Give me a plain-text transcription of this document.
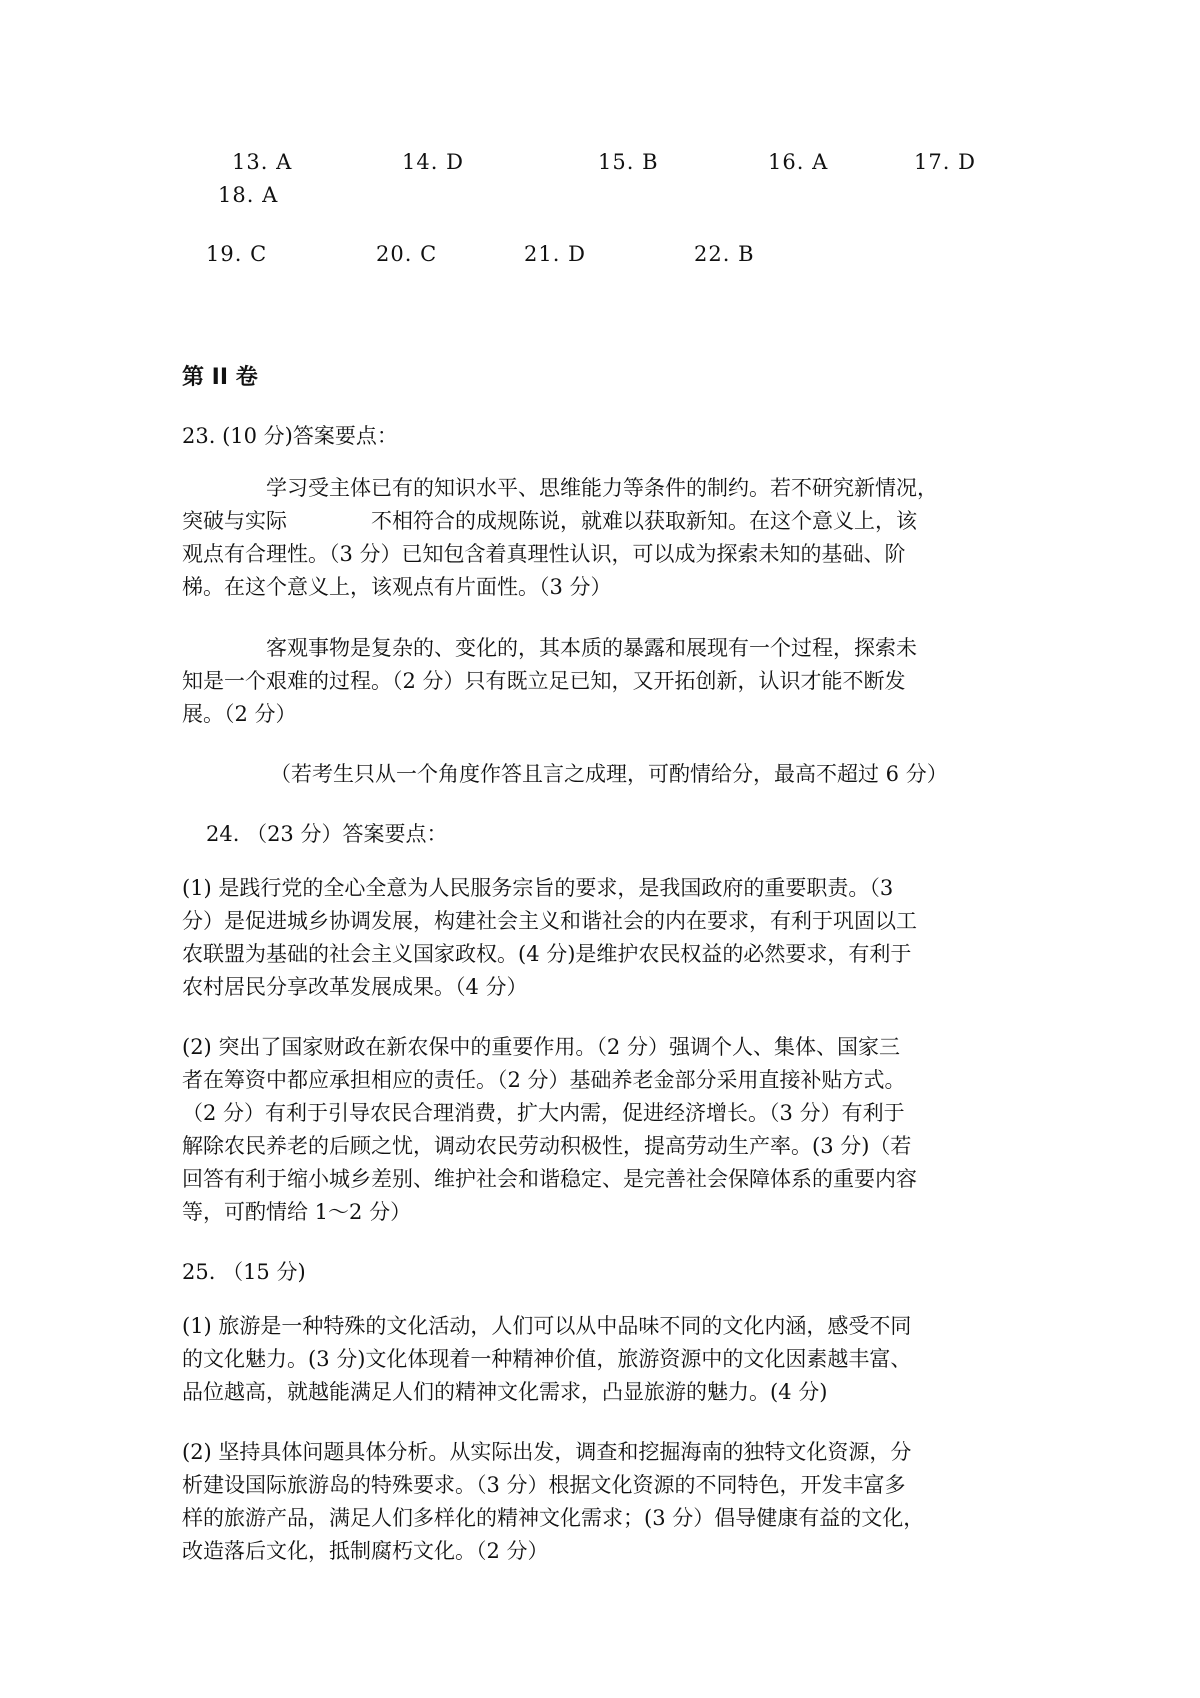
13. A	14. D	15. B	16. A	17. D
18. A
19. C	20. C	21. D	22. B
第 II 卷
23. (10 分)答案要点：
学习受主体已有的知识水平、思维能力等条件的制约。若不研究新情况，
突破与实际　　　　不相符合的成规陈说，就难以获取新知。在这个意义上，该
观点有合理性。（3 分）已知包含着真理性认识，可以成为探索未知的基础、阶
梯。在这个意义上，该观点有片面性。（3 分）
客观事物是复杂的、变化的，其本质的暴露和展现有一个过程，探索未
知是一个艰难的过程。（2 分）只有既立足已知，又开拓创新，认识才能不断发
展。（2 分）
（若考生只从一个角度作答且言之成理，可酌情给分，最高不超过 6 分）
24. （23 分）答案要点：
(1) 是践行党的全心全意为人民服务宗旨的要求，是我国政府的重要职责。（3
分）是促进城乡协调发展，构建社会主义和谐社会的内在要求，有利于巩固以工
农联盟为基础的社会主义国家政权。(4 分)是维护农民权益的必然要求，有利于
农村居民分享改革发展成果。（4 分）
(2) 突出了国家财政在新农保中的重要作用。（2 分）强调个人、集体、国家三
者在筹资中都应承担相应的责任。（2 分）基础养老金部分采用直接补贴方式。
（2 分）有利于引导农民合理消费，扩大内需，促进经济增长。（3 分）有利于
解除农民养老的后顾之忧，调动农民劳动积极性，提高劳动生产率。(3 分)（若
回答有利于缩小城乡差别、维护社会和谐稳定、是完善社会保障体系的重要内容
等，可酌情给 1～2 分）
25. （15 分)
(1) 旅游是一种特殊的文化活动，人们可以从中品味不同的文化内涵，感受不同
的文化魅力。(3 分)文化体现着一种精神价值，旅游资源中的文化因素越丰富、
品位越高，就越能满足人们的精神文化需求，凸显旅游的魅力。(4 分)
(2) 坚持具体问题具体分析。从实际出发，调查和挖掘海南的独特文化资源，分
析建设国际旅游岛的特殊要求。（3 分）根据文化资源的不同特色，开发丰富多
样的旅游产品，满足人们多样化的精神文化需求；(3 分）倡导健康有益的文化，
改造落后文化，抵制腐朽文化。（2 分）
